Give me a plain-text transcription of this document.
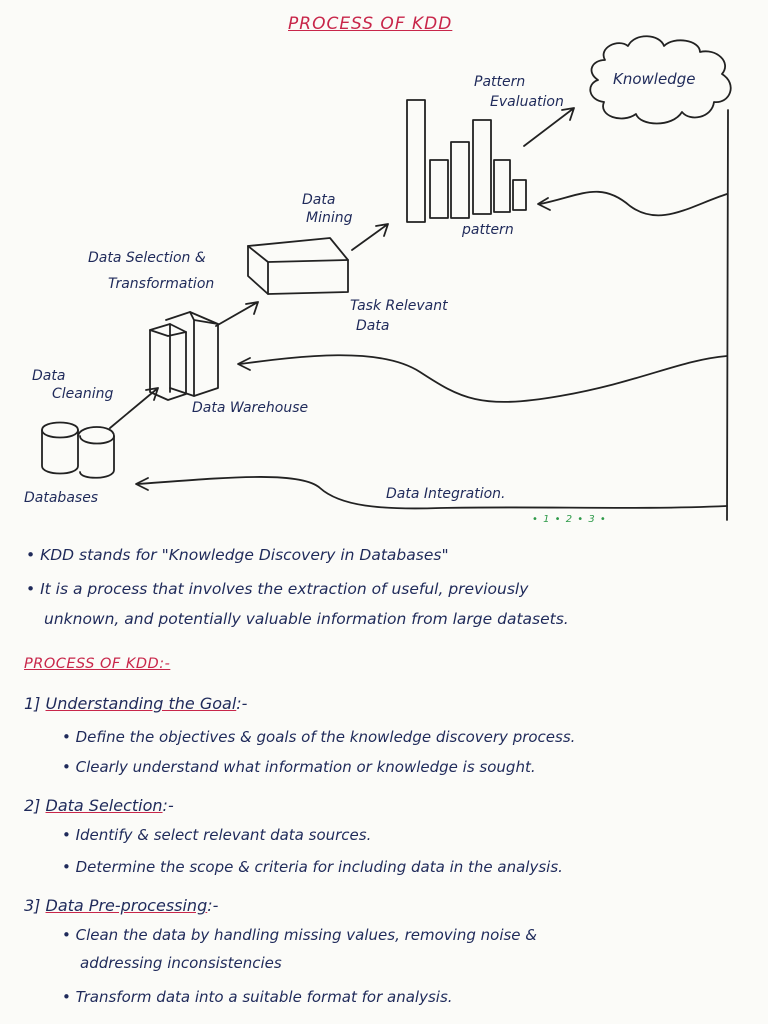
PROCESS OF KDD
Knowledge
Pattern
Evaluation
pattern
Data
Mining
Data Selection &
Transformation
Task Relevant
Data
Data
Cleaning
Data Warehouse
Databases	Data Integration.
• 1 • 2 • 3 •
• KDD stands for "Knowledge Discovery in Databases"
• It is a process that involves the extraction of useful, previously
unknown, and potentially valuable information from large datasets.
PROCESS OF KDD:-
1] Understanding the Goal:-
• Define the objectives & goals of the knowledge discovery process.
• Clearly understand what information or knowledge is sought.
2] Data Selection:-
• Identify & select relevant data sources.
• Determine the scope & criteria for including data in the analysis.
3] Data Pre-processing:-
• Clean the data by handling missing values, removing noise &
addressing inconsistencies
• Transform data into a suitable format for analysis.
